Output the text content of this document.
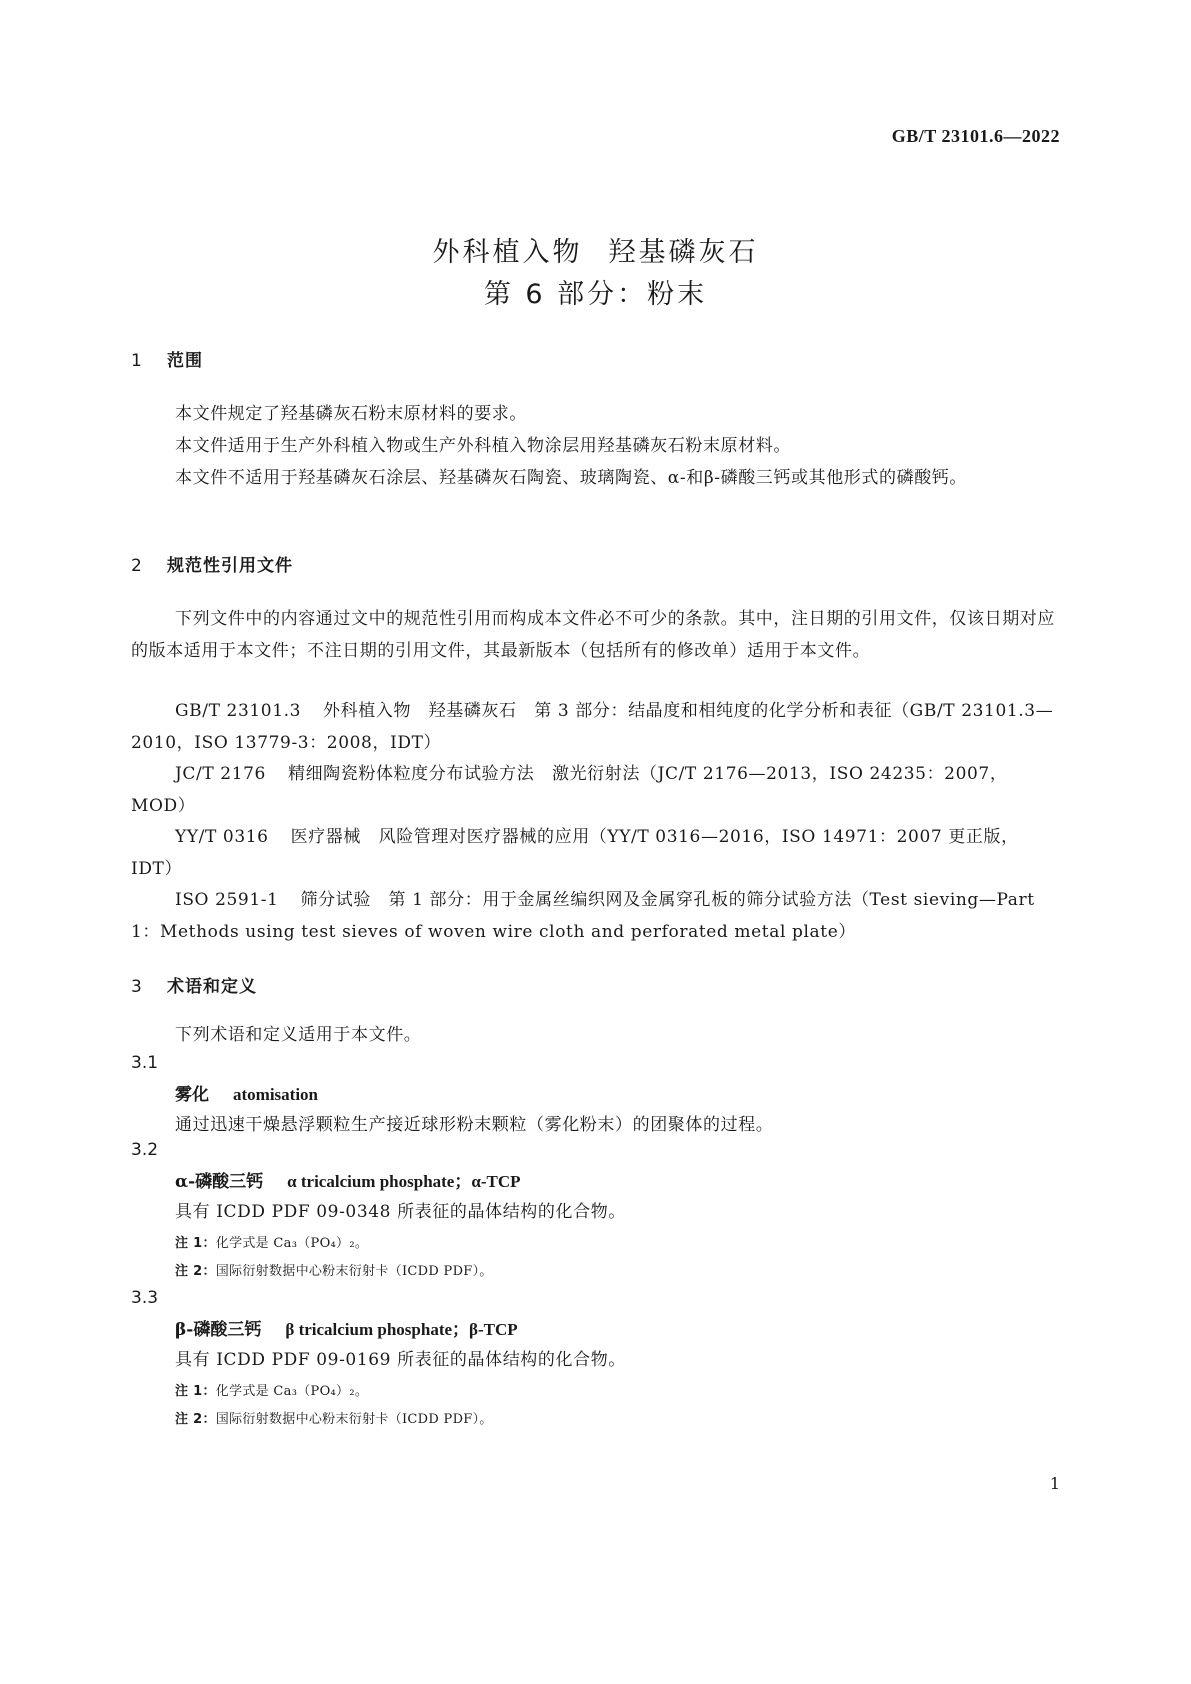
GB/T 23101.6—2022
外科植入物 羟基磷灰石
第 6 部分：粉末
1 范围
本文件规定了羟基磷灰石粉末原材料的要求。
本文件适用于生产外科植入物或生产外科植入物涂层用羟基磷灰石粉末原材料。
本文件不适用于羟基磷灰石涂层、羟基磷灰石陶瓷、玻璃陶瓷、α-和β-磷酸三钙或其他形式的磷酸钙。
2 规范性引用文件
下列文件中的内容通过文中的规范性引用而构成本文件必不可少的条款。其中，注日期的引用文件，仅该日期对应的版本适用于本文件；不注日期的引用文件，其最新版本（包括所有的修改单）适用于本文件。
GB/T 23101.3 外科植入物　羟基磷灰石　第 3 部分：结晶度和相纯度的化学分析和表征（GB/T 23101.3—2010，ISO 13779-3：2008，IDT）
JC/T 2176 精细陶瓷粉体粒度分布试验方法　激光衍射法（JC/T 2176—2013，ISO 24235：2007，MOD）
YY/T 0316 医疗器械　风险管理对医疗器械的应用（YY/T 0316—2016，ISO 14971：2007 更正版，IDT）
ISO 2591-1 筛分试验　第 1 部分：用于金属丝编织网及金属穿孔板的筛分试验方法（Test sieving—Part 1：Methods using test sieves of woven wire cloth and perforated metal plate）
3 术语和定义
下列术语和定义适用于本文件。
3.1
雾化 atomisation
通过迅速干燥悬浮颗粒生产接近球形粉末颗粒（雾化粉末）的团聚体的过程。
3.2
α-磷酸三钙 α tricalcium phosphate；α-TCP
具有 ICDD PDF 09-0348 所表征的晶体结构的化合物。
注 1：化学式是 Ca₃（PO₄）₂。
注 2：国际衍射数据中心粉末衍射卡（ICDD PDF）。
3.3
β-磷酸三钙 β tricalcium phosphate；β-TCP
具有 ICDD PDF 09-0169 所表征的晶体结构的化合物。
注 1：化学式是 Ca₃（PO₄）₂。
注 2：国际衍射数据中心粉末衍射卡（ICDD PDF）。
1
